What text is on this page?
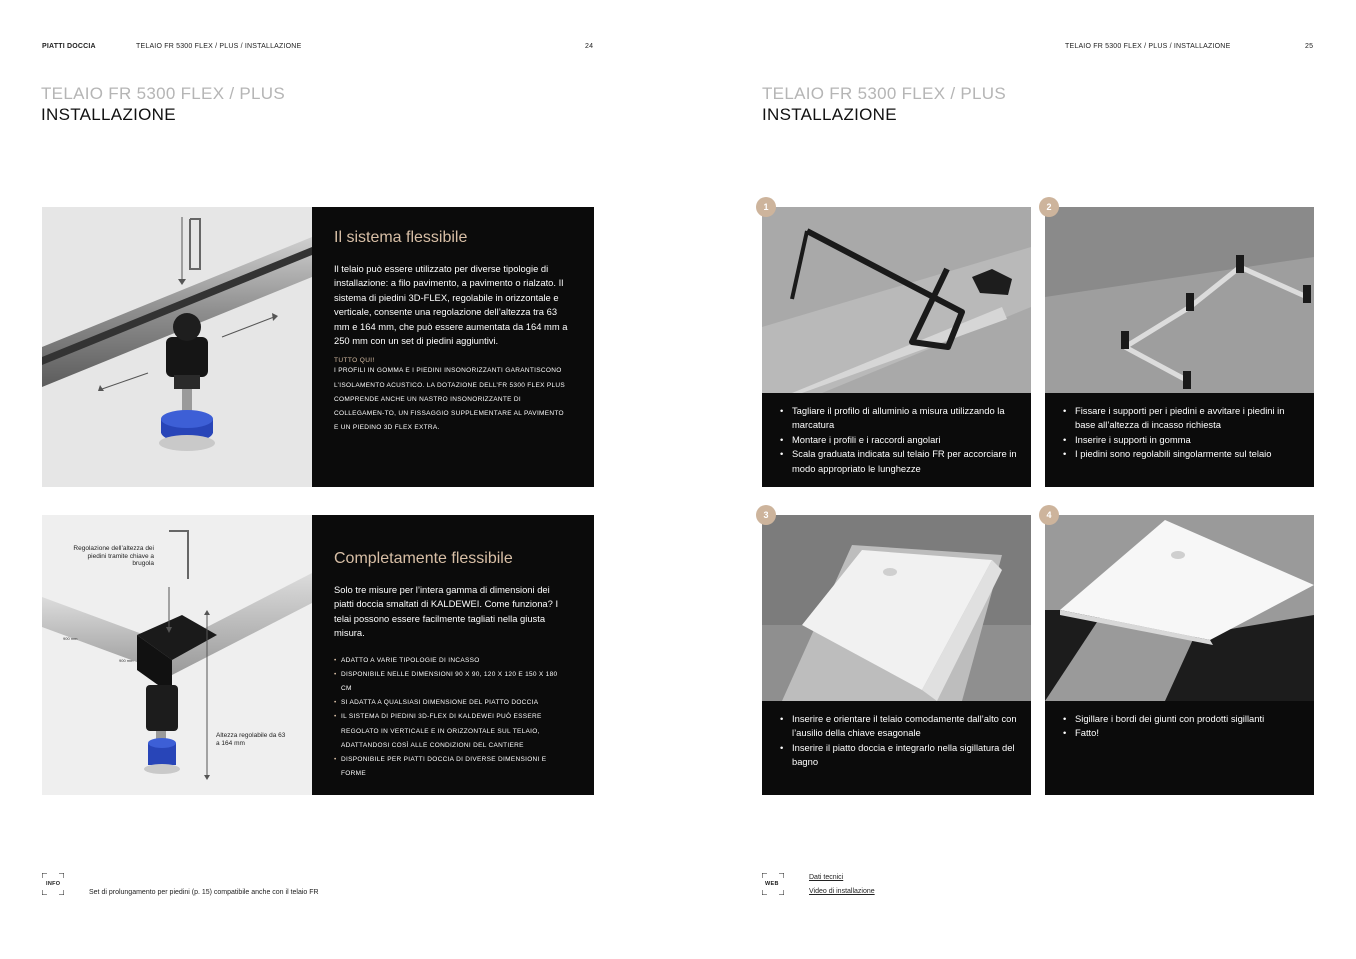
PIATTI DOCCIA	TELAIO FR 5300 FLEX / PLUS / INSTALLAZIONE	24
TELAIO FR 5300 FLEX / PLUS
INSTALLAZIONE
Il sistema flessibile
Il telaio può essere utilizzato per diverse tipologie di installazione: a filo pavimento, a pavimento o rialzato. Il sistema di piedini 3D-FLEX, regolabile in orizzontale e verticale, consente una regolazione dell’altezza tra 63 mm e 164 mm, che può essere aumentata da 164 mm a 250 mm con un set di piedini aggiuntivi.
TUTTO QUI!
I PROFILI IN GOMMA E I PIEDINI INSONORIZZANTI GARANTISCONO L’ISOLAMENTO ACUSTICO. LA DOTAZIONE DELL’FR 5300 FLEX PLUS COMPRENDE ANCHE UN NASTRO INSONORIZZANTE DI COLLEGAMEN-TO, UN FISSAGGIO SUPPLEMENTARE AL PAVIMENTO E UN PIEDINO 3D FLEX EXTRA.
900 mm
900 mm
Regolazione dell’altezza dei piedini tramite chiave a brugola
Altezza regolabile da 63 a 164 mm
Completamente flessibile
Solo tre misure per l’intera gamma di dimensioni dei piatti doccia smaltati di KALDEWEI. Come funziona? I telai possono essere facilmente tagliati nella giusta misura.
• ADATTO A VARIE TIPOLOGIE DI INCASSO
• DISPONIBILE NELLE DIMENSIONI 90 X 90, 120 X 120 E 150 X 180 CM
• SI ADATTA A QUALSIASI DIMENSIONE DEL PIATTO DOCCIA
• IL SISTEMA DI PIEDINI 3D-FLEX DI KALDEWEI PUÒ ESSERE REGOLATO IN VERTICALE E IN ORIZZONTALE SUL TELAIO, ADATTANDOSI COSÌ ALLE CONDIZIONI DEL CANTIERE
• DISPONIBILE PER PIATTI DOCCIA DI DIVERSE DIMENSIONI E FORME
INFO
Set di prolungamento per piedini (p. 15) compatibile anche con il telaio FR
TELAIO FR 5300 FLEX / PLUS / INSTALLAZIONE	25
TELAIO FR 5300 FLEX / PLUS
INSTALLAZIONE
1
• Tagliare il profilo di alluminio a misura utilizzando la marcatura
• Montare i profili e i raccordi angolari
• Scala graduata indicata sul telaio FR per accorciare in modo appropriato le lunghezze
2
• Fissare i supporti per i piedini e avvitare i piedini in base all’altezza di incasso richiesta
• Inserire i supporti in gomma
• I piedini sono regolabili singolarmente sul telaio
3
• Inserire e orientare il telaio comodamente dall’alto con l’ausilio della chiave esagonale
• Inserire il piatto doccia e integrarlo nella sigillatura del bagno
4
• Sigillare i bordi dei giunti con prodotti sigillanti
• Fatto!
WEB
Dati tecnici
Video di installazione
